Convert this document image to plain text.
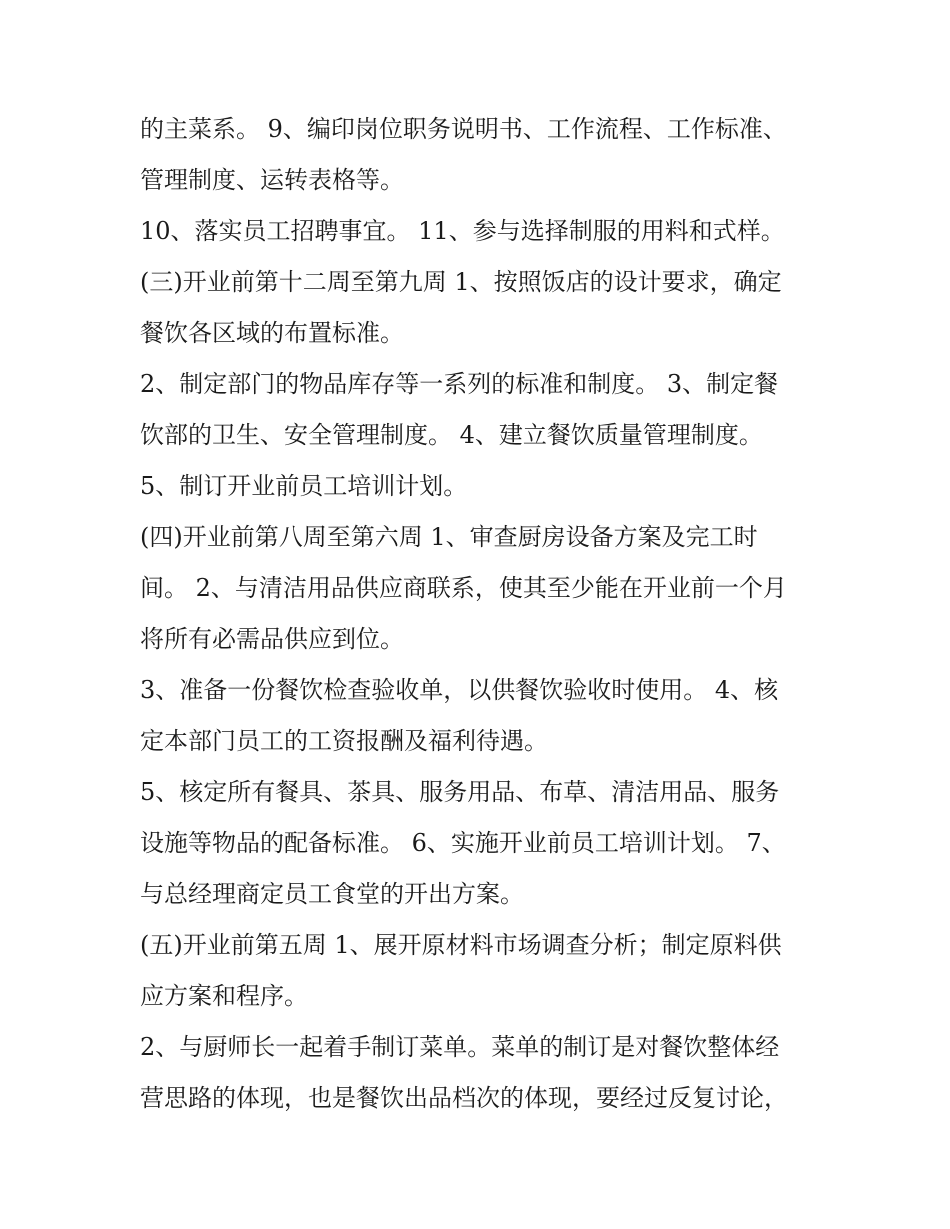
的主菜系。 9、编印岗位职务说明书、工作流程、工作标准、
管理制度、运转表格等。
10、落实员工招聘事宜。 11、参与选择制服的用料和式样。
(三)开业前第十二周至第九周 1、按照饭店的设计要求，确定
餐饮各区域的布置标准。
2、制定部门的物品库存等一系列的标准和制度。 3、制定餐
饮部的卫生、安全管理制度。 4、建立餐饮质量管理制度。
5、制订开业前员工培训计划。
(四)开业前第八周至第六周 1、审查厨房设备方案及完工时
间。 2、与清洁用品供应商联系，使其至少能在开业前一个月
将所有必需品供应到位。
3、准备一份餐饮检查验收单，以供餐饮验收时使用。 4、核
定本部门员工的工资报酬及福利待遇。
5、核定所有餐具、茶具、服务用品、布草、清洁用品、服务
设施等物品的配备标准。 6、实施开业前员工培训计划。 7、
与总经理商定员工食堂的开出方案。
(五)开业前第五周 1、展开原材料市场调查分析；制定原料供
应方案和程序。
2、与厨师长一起着手制订菜单。菜单的制订是对餐饮整体经
营思路的体现，也是餐饮出品档次的体现，要经过反复讨论，
